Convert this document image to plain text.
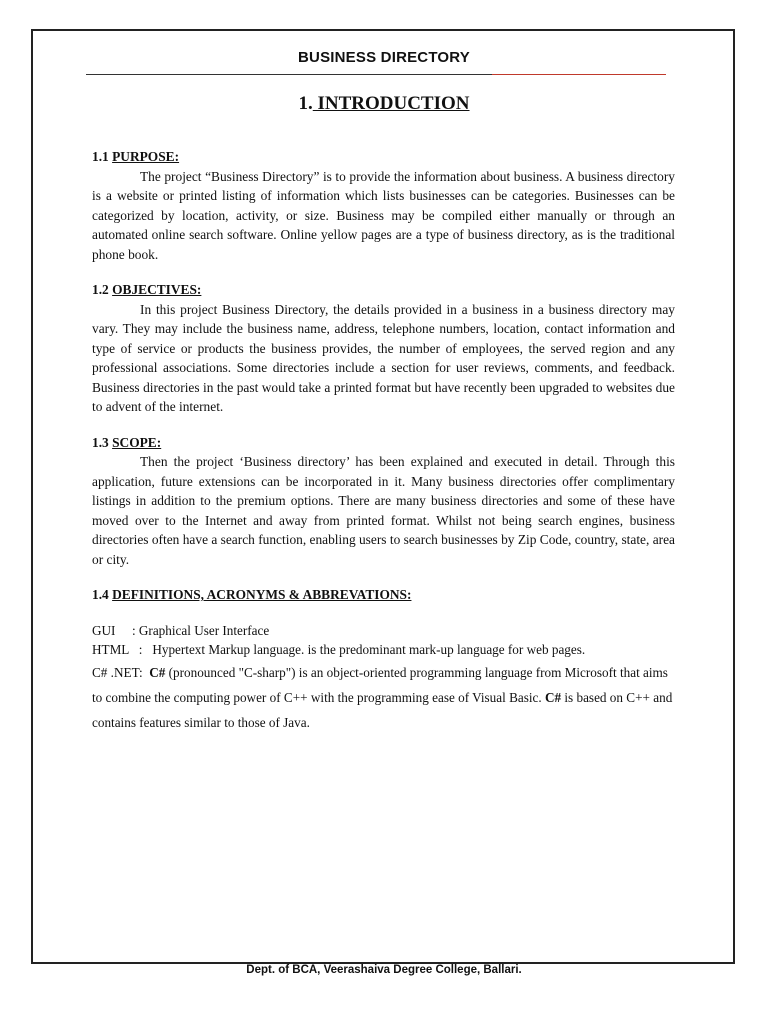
BUSINESS DIRECTORY
1. INTRODUCTION

1.1 PURPOSE:

The project “Business Directory” is to provide the information about business. A business directory is a website or printed listing of information which lists businesses can be categories. Businesses can be categorized by location, activity, or size. Business may be compiled either manually or through an automated online search software. Online yellow pages are a type of business directory, as is the traditional phone book.

1.2 OBJECTIVES:

In this project Business Directory, the details provided in a business in a business directory may vary. They may include the business name, address, telephone numbers, location, contact information and type of service or products the business provides, the number of employees, the served region and any professional associations. Some directories include a section for user reviews, comments, and feedback. Business directories in the past would take a printed format but have recently been upgraded to websites due to advent of the internet.

1.3 SCOPE:

Then the project ‘Business directory’ has been explained and executed in detail. Through this application, future extensions can be incorporated in it. Many business directories offer complimentary listings in addition to the premium options. There are many business directories and some of these have moved over to the Internet and away from printed format. Whilst not being search engines, business directories often have a search function, enabling users to search businesses by Zip Code, country, state, area or city.

1.4 DEFINITIONS, ACRONYMS & ABBREVATIONS:

GUI     : Graphical User Interface

HTML   :   Hypertext Markup language. is the predominant mark-up language for web pages.

C# .NET: C# (pronounced "C-sharp") is an object-oriented programming language from Microsoft that aims to combine the computing power of C++ with the programming ease of Visual Basic. C# is based on C++ and contains features similar to those of Java.

Dept. of BCA, Veerashaiva Degree College, Ballari.
